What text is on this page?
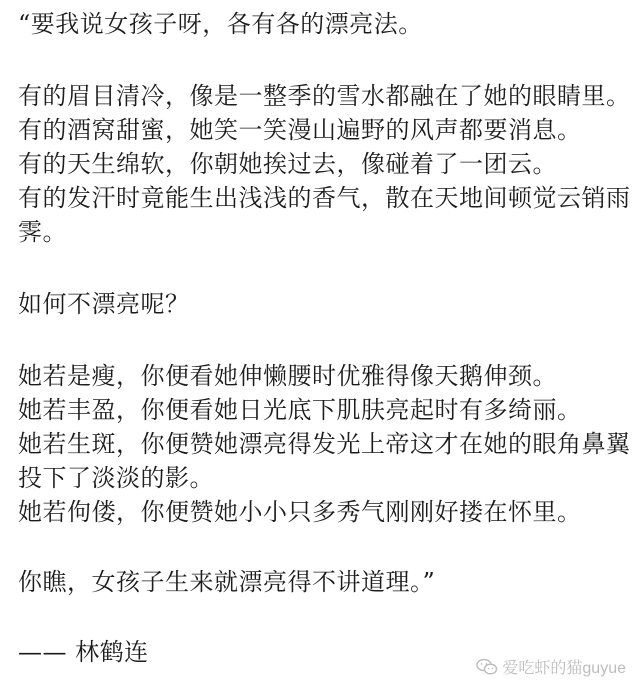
“要我说女孩子呀，各有各的漂亮法。
有的眉目清冷，像是一整季的雪水都融在了她的眼睛里。
有的酒窝甜蜜，她笑一笑漫山遍野的风声都要消息。
有的天生绵软，你朝她挨过去，像碰着了一团云。
有的发汗时竟能生出浅浅的香气，散在天地间顿觉云销雨
霁。
如何不漂亮呢？
她若是瘦，你便看她伸懒腰时优雅得像天鹅伸颈。
她若丰盈，你便看她日光底下肌肤亮起时有多绮丽。
她若生斑，你便赞她漂亮得发光上帝这才在她的眼角鼻翼
投下了淡淡的影。
她若佝偻，你便赞她小小只多秀气刚刚好搂在怀里。
你瞧，女孩子生来就漂亮得不讲道理。”
—— 林鹤连
爱吃虾的猫guyue
